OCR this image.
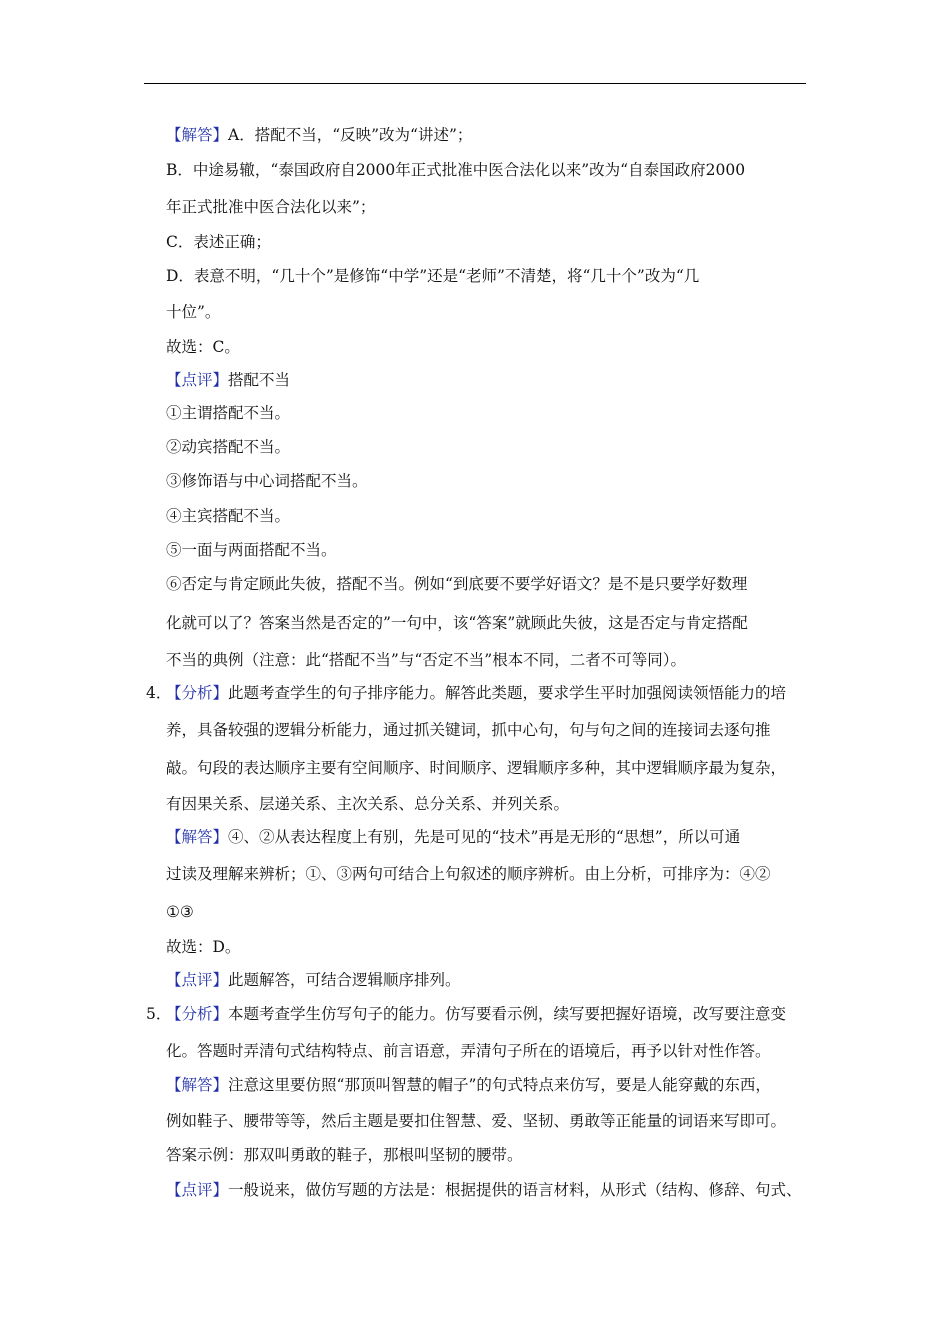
【解答】A．搭配不当，“反映”改为“讲述”；
B．中途易辙，“泰国政府自2000年正式批准中医合法化以来”改为“自泰国政府2000
年正式批准中医合法化以来”；
C．表述正确；
D．表意不明，“几十个”是修饰“中学”还是“老师”不清楚，将“几十个”改为“几
十位”。
故选：C。
【点评】搭配不当
①主谓搭配不当。
②动宾搭配不当。
③修饰语与中心词搭配不当。
④主宾搭配不当。
⑤一面与两面搭配不当。
⑥否定与肯定顾此失彼，搭配不当。例如“到底要不要学好语文？是不是只要学好数理
化就可以了？答案当然是否定的”一句中，该“答案”就顾此失彼，这是否定与肯定搭配
不当的典例（注意：此“搭配不当”与“否定不当”根本不同，二者不可等同）。
4．
【分析】此题考查学生的句子排序能力。解答此类题，要求学生平时加强阅读领悟能力的培
养，具备较强的逻辑分析能力，通过抓关键词，抓中心句，句与句之间的连接词去逐句推
敲。句段的表达顺序主要有空间顺序、时间顺序、逻辑顺序多种，其中逻辑顺序最为复杂，
有因果关系、层递关系、主次关系、总分关系、并列关系。
【解答】④、②从表达程度上有别，先是可见的“技术”再是无形的“思想”，所以可通
过读及理解来辨析；①、③两句可结合上句叙述的顺序辨析。由上分析，可排序为：④②
①③
故选：D。
【点评】此题解答，可结合逻辑顺序排列。
5．
【分析】本题考查学生仿写句子的能力。仿写要看示例，续写要把握好语境，改写要注意变
化。答题时弄清句式结构特点、前言语意，弄清句子所在的语境后，再予以针对性作答。
【解答】注意这里要仿照“那顶叫智慧的帽子”的句式特点来仿写，要是人能穿戴的东西，
例如鞋子、腰带等等，然后主题是要扣住智慧、爱、坚韧、勇敢等正能量的词语来写即可。
答案示例：那双叫勇敢的鞋子，那根叫坚韧的腰带。
【点评】一般说来，做仿写题的方法是：根据提供的语言材料，从形式（结构、修辞、句式、
